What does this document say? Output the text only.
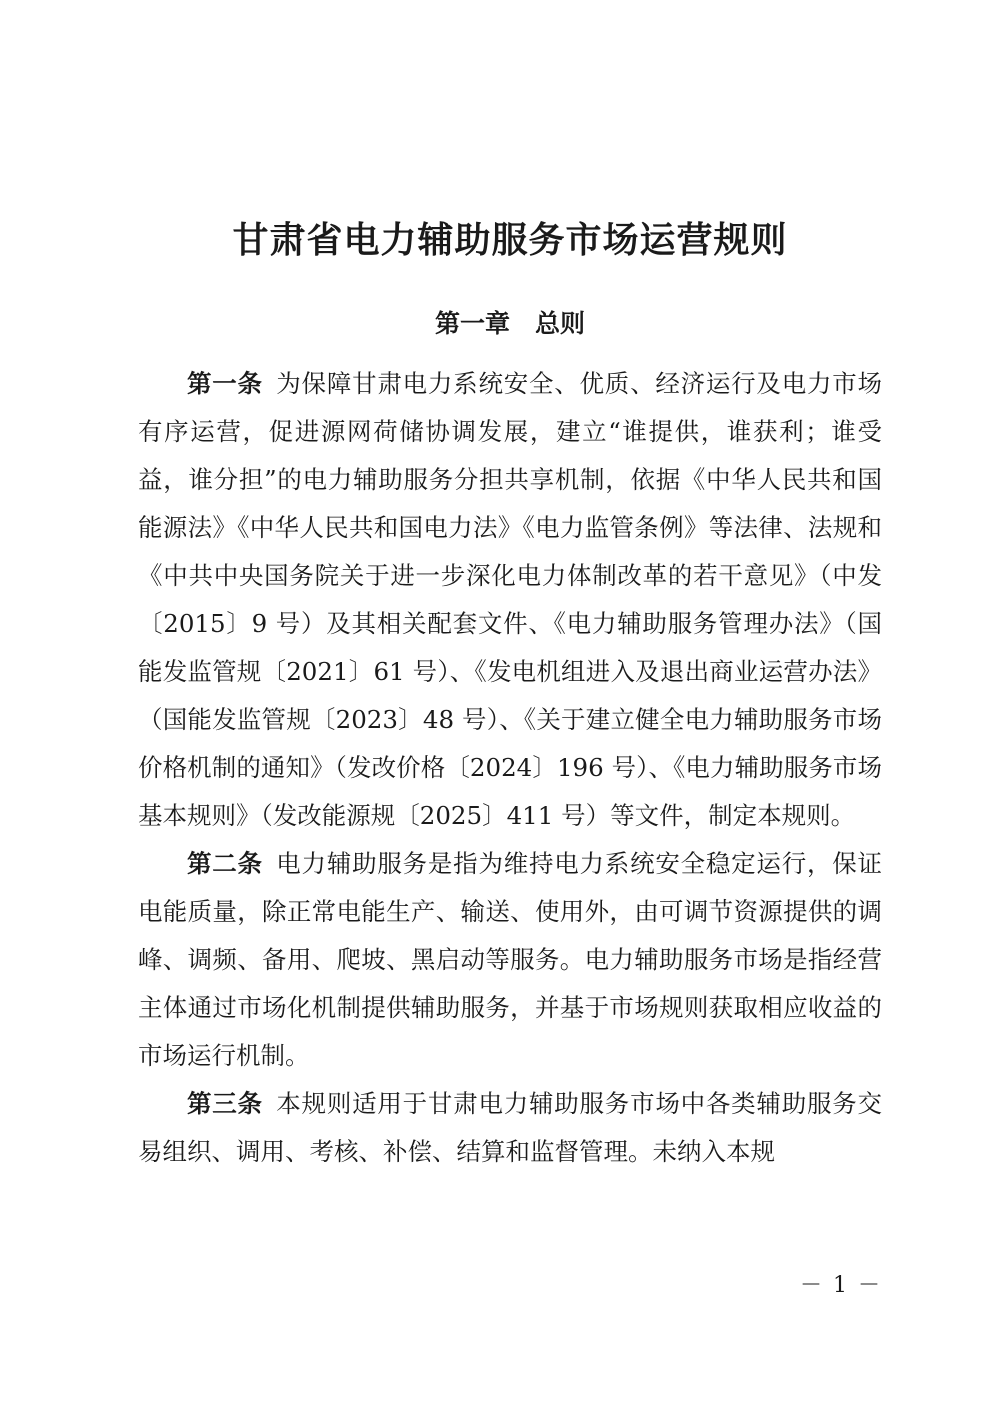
甘肃省电力辅助服务市场运营规则
第一章　总则

第一条 为保障甘肃电力系统安全、优质、经济运行及电力市场有序运营，促进源网荷储协调发展，建立“谁提供，谁获利；谁受益，谁分担”的电力辅助服务分担共享机制，依据《中华人民共和国能源法》《中华人民共和国电力法》《电力监管条例》等法律、法规和《中共中央国务院关于进一步深化电力体制改革的若干意见》（中发〔2015〕9 号）及其相关配套文件、《电力辅助服务管理办法》（国能发监管规〔2021〕61 号）、《发电机组进入及退出商业运营办法》（国能发监管规〔2023〕48 号）、《关于建立健全电力辅助服务市场价格机制的通知》（发改价格〔2024〕196 号）、《电力辅助服务市场基本规则》（发改能源规〔2025〕411 号）等文件，制定本规则。

第二条 电力辅助服务是指为维持电力系统安全稳定运行，保证电能质量，除正常电能生产、输送、使用外，由可调节资源提供的调峰、调频、备用、爬坡、黑启动等服务。电力辅助服务市场是指经营主体通过市场化机制提供辅助服务，并基于市场规则获取相应收益的市场运行机制。

第三条 本规则适用于甘肃电力辅助服务市场中各类辅助服务交易组织、调用、考核、补偿、结算和监督管理。未纳入本规

－ 1 －
